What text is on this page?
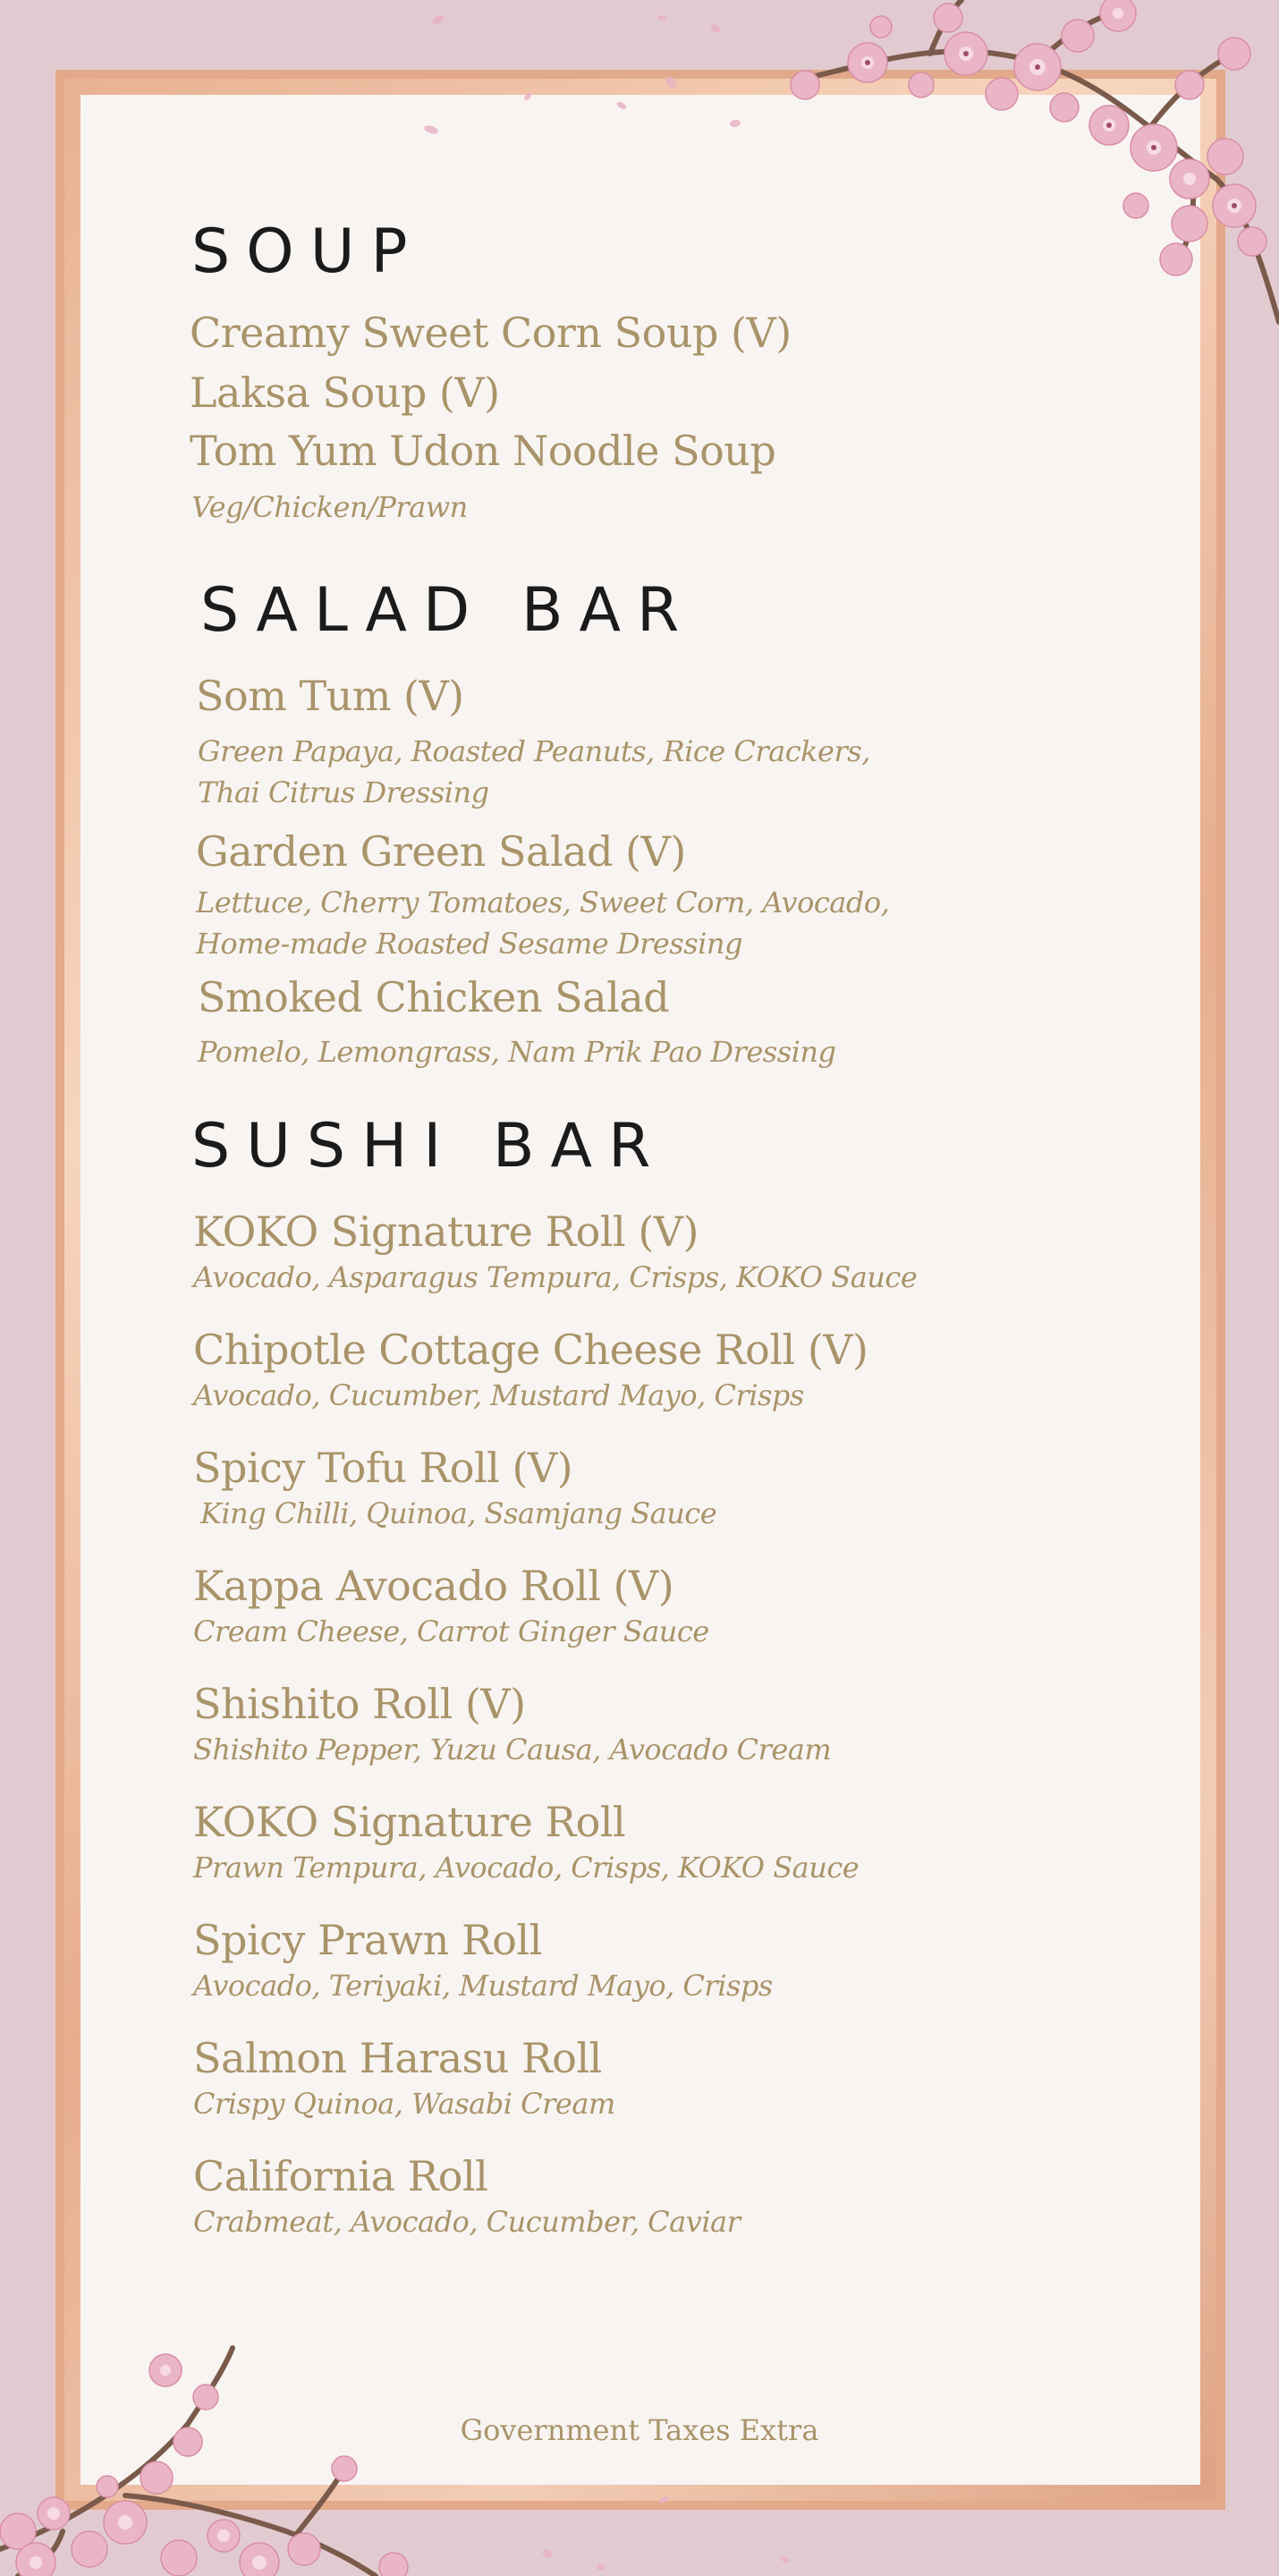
SOUP
Creamy Sweet Corn Soup (V)
Laksa Soup (V)
Tom Yum Udon Noodle Soup
Veg/Chicken/Prawn
SALAD BAR
Som Tum (V)
Green Papaya, Roasted Peanuts, Rice Crackers,
Thai Citrus Dressing
Garden Green Salad (V)
Lettuce, Cherry Tomatoes, Sweet Corn, Avocado,
Home-made Roasted Sesame Dressing
Smoked Chicken Salad
Pomelo, Lemongrass, Nam Prik Pao Dressing
SUSHI BAR
KOKO Signature Roll (V)
Avocado, Asparagus Tempura, Crisps, KOKO Sauce
Chipotle Cottage Cheese Roll (V)
Avocado, Cucumber, Mustard Mayo, Crisps
Spicy Tofu Roll (V)
King Chilli, Quinoa, Ssamjang Sauce
Kappa Avocado Roll (V)
Cream Cheese, Carrot Ginger Sauce
Shishito Roll (V)
Shishito Pepper, Yuzu Causa, Avocado Cream
KOKO Signature Roll
Prawn Tempura, Avocado, Crisps, KOKO Sauce
Spicy Prawn Roll
Avocado, Teriyaki, Mustard Mayo, Crisps
Salmon Harasu Roll
Crispy Quinoa, Wasabi Cream
California Roll
Crabmeat, Avocado, Cucumber, Caviar
Government Taxes Extra
